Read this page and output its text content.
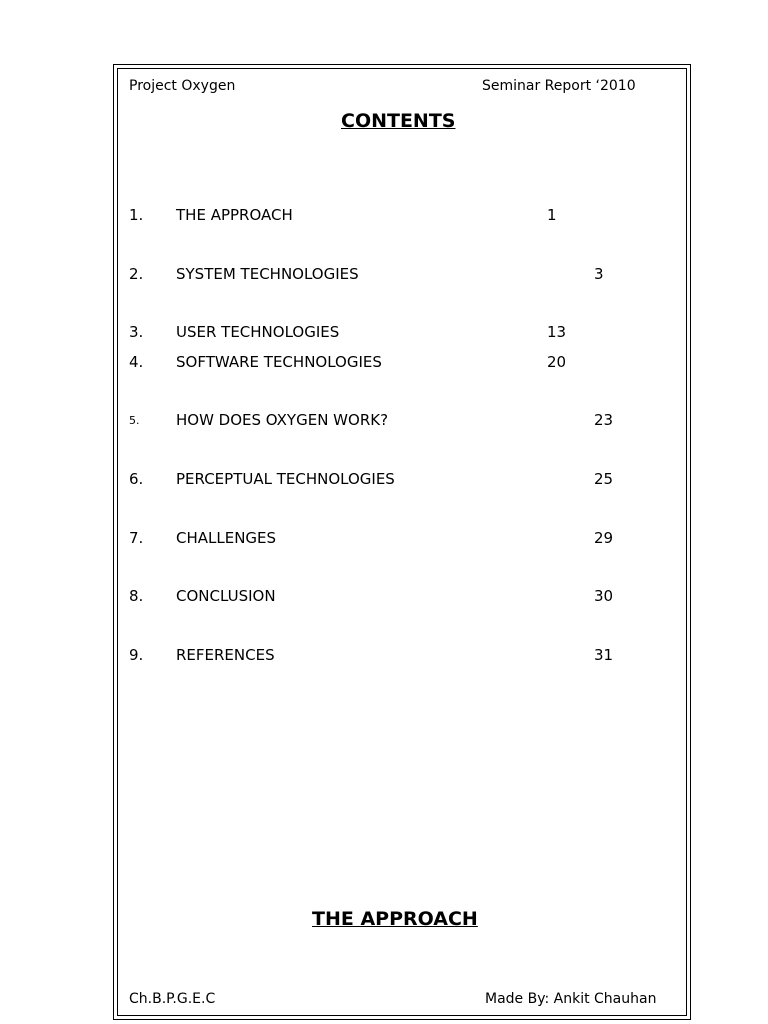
Project Oxygen	Seminar Report ‘2010
CONTENTS
1. THE APPROACH	1
2. SYSTEM TECHNOLOGIES	3
3. USER TECHNOLOGIES	13
4. SOFTWARE TECHNOLOGIES	20
5. HOW DOES OXYGEN WORK?	23
6. PERCEPTUAL TECHNOLOGIES	25
7. CHALLENGES	29
8. CONCLUSION	30
9. REFERENCES	31
THE APPROACH
Ch.B.P.G.E.C	Made By: Ankit Chauhan
